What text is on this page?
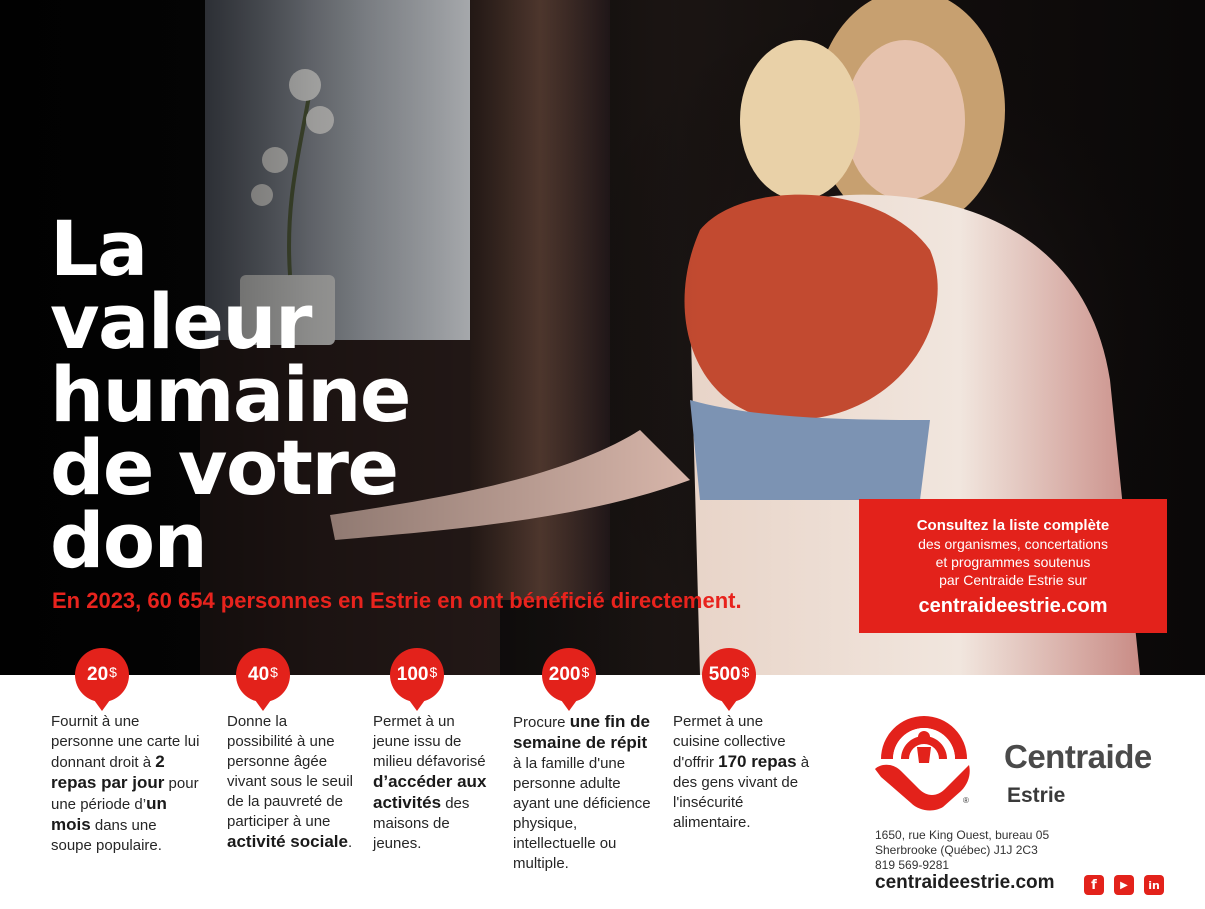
La
valeur
humaine
de votre
don

En 2023, 60 654 personnes en Estrie en ont bénéficié directement.

Consultez la liste complète
des organismes, concertations
et programmes soutenus
par Centraide Estrie sur
centraideestrie.com
20 $	40 $	100 $	200 $	500 $
Fournit à une personne une carte lui donnant droit à 2 repas par jour pour une période d’un mois dans une soupe populaire.
Donne la possibilité à une personne âgée vivant sous le seuil de la pauvreté de participer à une activité sociale.
Permet à un jeune issu de milieu défavorisé d’accéder aux activités des maisons de jeunes.
Procure une fin de semaine de répit à la famille d'une personne adulte ayant une déficience physique, intellectuelle ou multiple.
Permet à une cuisine collective d'offrir 170 repas à des gens vivant de l'insécurité alimentaire.
®
Centraide
Estrie
1650, rue King Ouest, bureau 05
Sherbrooke (Québec) J1J 2C3
819 569-9281
centraideestrie.com	f	▶	in
